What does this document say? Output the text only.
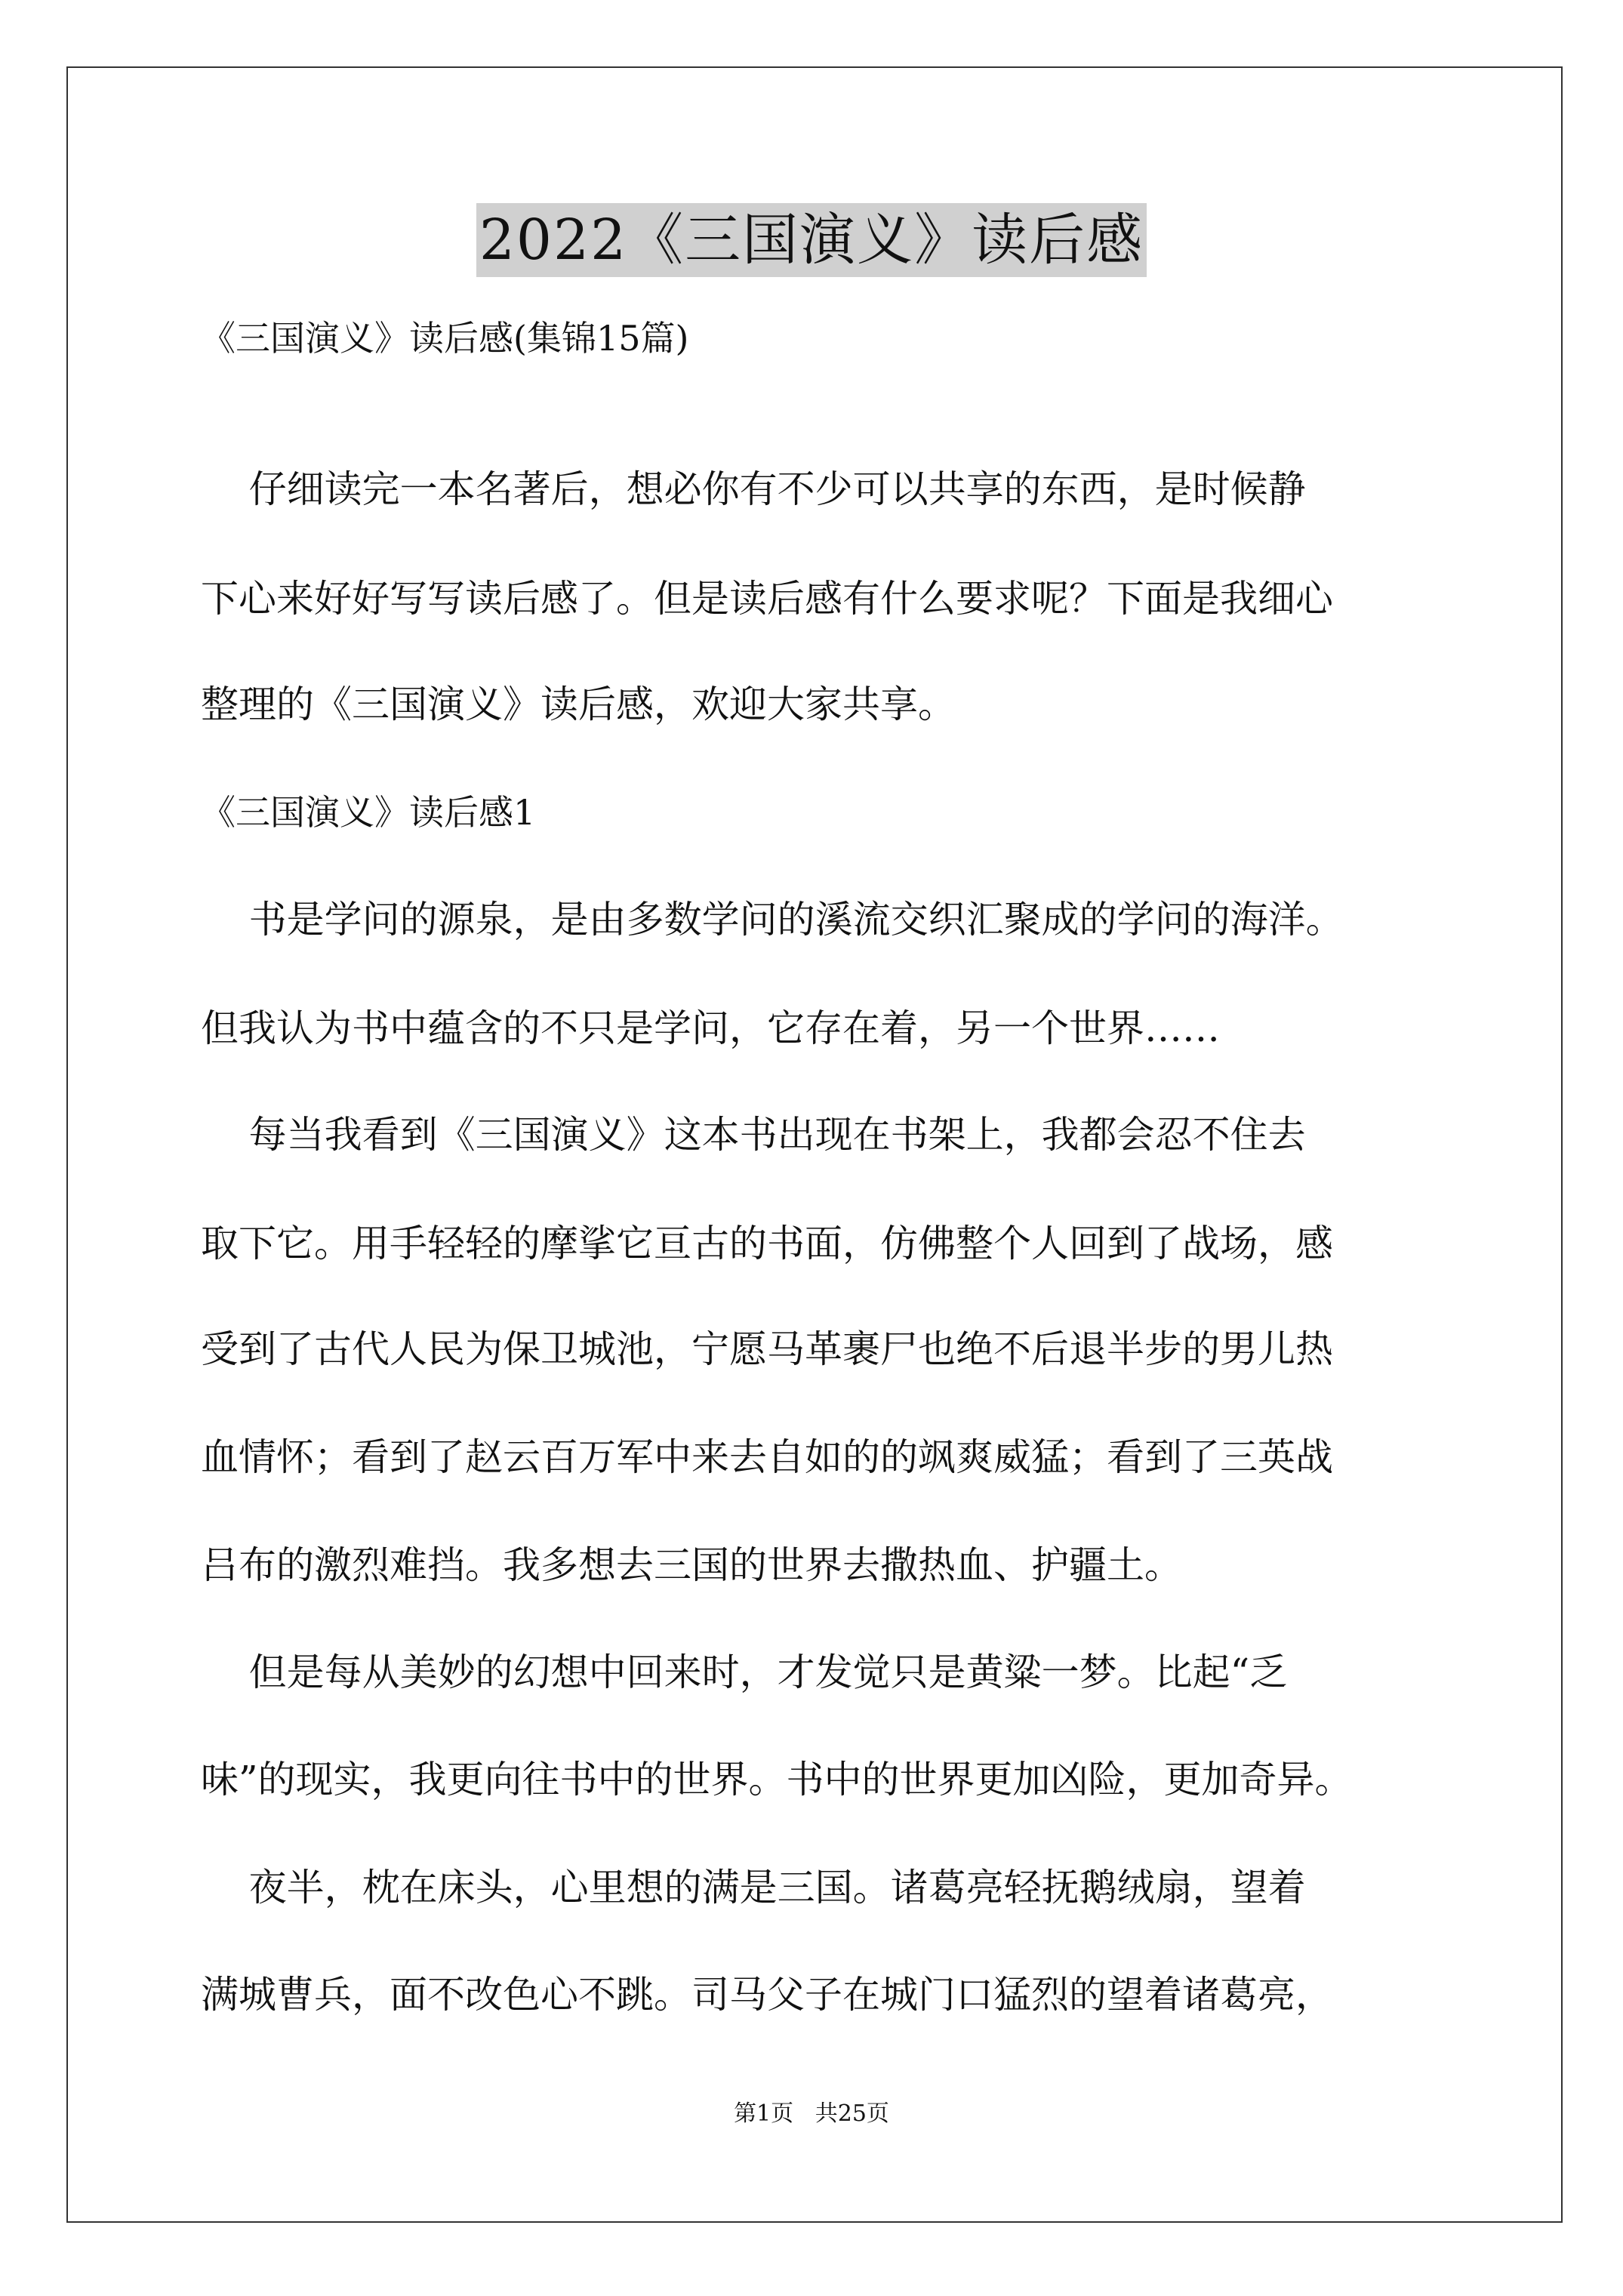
2022《三国演义》读后感
《三国演义》读后感(集锦15篇)
仔细读完一本名著后，想必你有不少可以共享的东西，是时候静
下心来好好写写读后感了。但是读后感有什么要求呢？下面是我细心
整理的《三国演义》读后感，欢迎大家共享。
《三国演义》读后感1
书是学问的源泉，是由多数学问的溪流交织汇聚成的学问的海洋。
但我认为书中蕴含的不只是学问，它存在着，另一个世界……
每当我看到《三国演义》这本书出现在书架上，我都会忍不住去
取下它。用手轻轻的摩挲它亘古的书面，仿佛整个人回到了战场，感
受到了古代人民为保卫城池，宁愿马革裹尸也绝不后退半步的男儿热
血情怀；看到了赵云百万军中来去自如的的飒爽威猛；看到了三英战
吕布的激烈难挡。我多想去三国的世界去撒热血、护疆土。
但是每从美妙的幻想中回来时，才发觉只是黄粱一梦。比起“乏
味”的现实，我更向往书中的世界。书中的世界更加凶险，更加奇异。
夜半，枕在床头，心里想的满是三国。诸葛亮轻抚鹅绒扇，望着
满城曹兵，面不改色心不跳。司马父子在城门口猛烈的望着诸葛亮，
第1页   共25页
